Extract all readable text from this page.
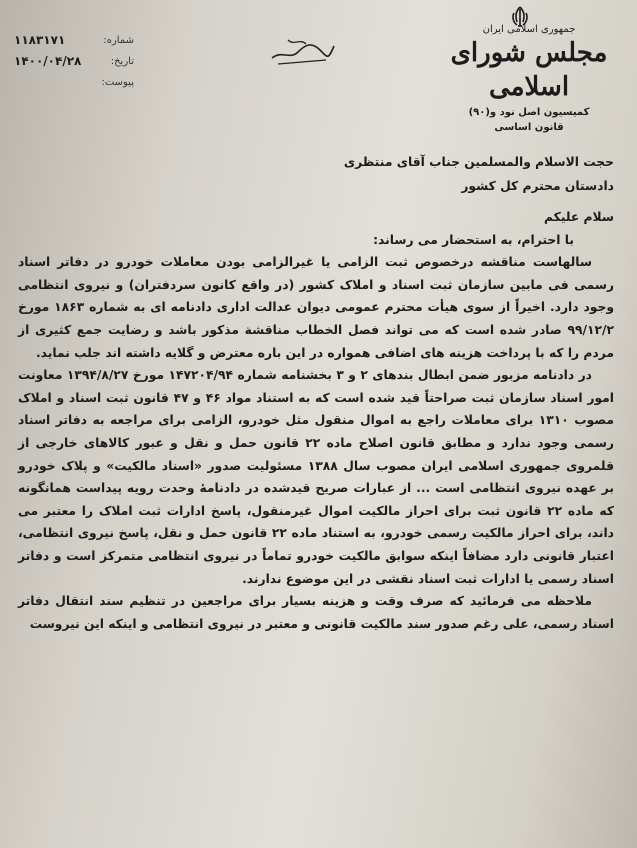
جمهوری اسلامی ایران
مجلس شورای اسلامی
کمیسیون اصل نود و(۹۰)
قانون اساسی
شماره:
۱۱۸۳۱۷۱
تاریخ:
۱۴۰۰/۰۴/۲۸
پیوست:

حجت الاسلام والمسلمین جناب آقای منتظری

دادستان محترم کل کشور

سلام علیکم

با احترام، به استحضار می رساند:

سالهاست مناقشه درخصوص ثبت الزامی یا غیرالزامی بودن معاملات خودرو در دفاتر اسناد رسمی فی مابین سازمان ثبت اسناد و املاک کشور (در واقع کانون سردفتران) و نیروی انتظامی وجود دارد. اخیراً از سوی هیأت محترم عمومی دیوان عدالت اداری دادنامه ای به شماره ۱۸۶۳ مورخ ۹۹/۱۲/۲ صادر شده است که می تواند فصل الخطاب مناقشة مذکور باشد و رضایت جمع کثیری از مردم را که با پرداخت هزینه های اضافی همواره در این باره معترض و گلایه داشته اند جلب نماید.

در دادنامه مزبور ضمن ابطال بندهای ۲ و ۳ بخشنامه شماره ۱۴۷۲۰۴/۹۴ مورخ ۱۳۹۴/۸/۲۷ معاونت امور اسناد سازمان ثبت صراحتاً قید شده است که به استناد مواد ۴۶ و ۴۷ قانون ثبت اسناد و املاک مصوب ۱۳۱۰ برای معاملات راجع به اموال منقول مثل خودرو، الزامی برای مراجعه به دفاتر اسناد رسمی وجود ندارد و مطابق قانون اصلاح ماده ۲۲ قانون حمل و نقل و عبور کالاهای خارجی از قلمروی جمهوری اسلامی ایران مصوب سال ۱۳۸۸ مسئولیت صدور «اسناد مالکیت» و پلاک خودرو بر عهده نیروی انتظامی است ... از عبارات صریح قیدشده در دادنامهٔ وحدت رویه پیداست همانگونه که ماده ۲۲ قانون ثبت برای احراز مالکیت اموال غیرمنقول، پاسخ ادارات ثبت املاک را معتبر می داند، برای احراز مالکیت رسمی خودرو، به استناد ماده ۲۲ قانون حمل و نقل، پاسخ نیروی انتظامی، اعتبار قانونی دارد مضافاً اینکه سوابق مالکیت خودرو تماماً در نیروی انتظامی متمرکز است و دفاتر اسناد رسمی یا ادارات ثبت اسناد نقشی در این موضوع ندارند.

ملاحظه می فرمائید که صرف وقت و هزینه بسیار برای مراجعین در تنظیم سند انتقال دفاتر اسناد رسمی، علی رغم صدور سند مالکیت قانونی و معتبر در نیروی انتظامی و اینکه این نیروست
